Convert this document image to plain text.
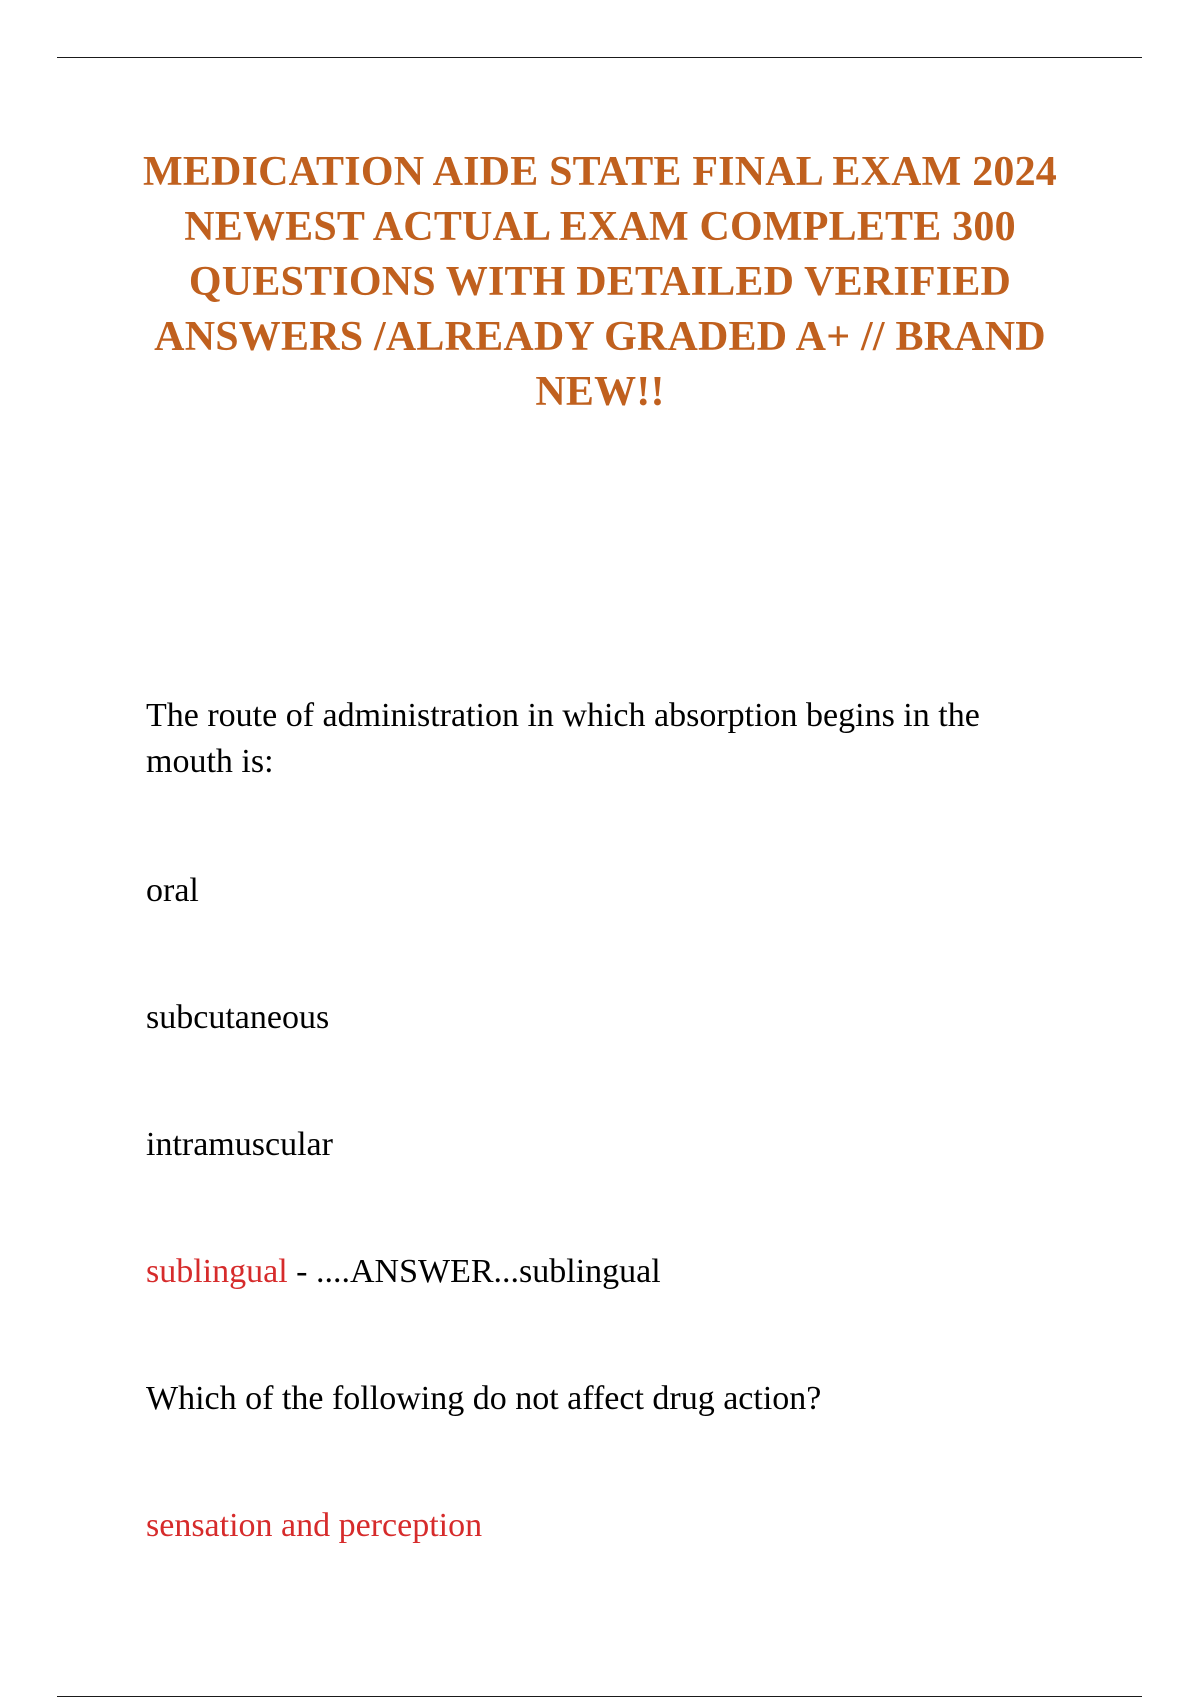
MEDICATION AIDE STATE FINAL EXAM 2024 NEWEST ACTUAL EXAM COMPLETE 300 QUESTIONS WITH DETAILED VERIFIED ANSWERS /ALREADY GRADED A+ // BRAND NEW!!
The route of administration in which absorption begins in the mouth is:
oral
subcutaneous
intramuscular
sublingual - ....ANSWER...sublingual
Which of the following do not affect drug action?
sensation and perception
